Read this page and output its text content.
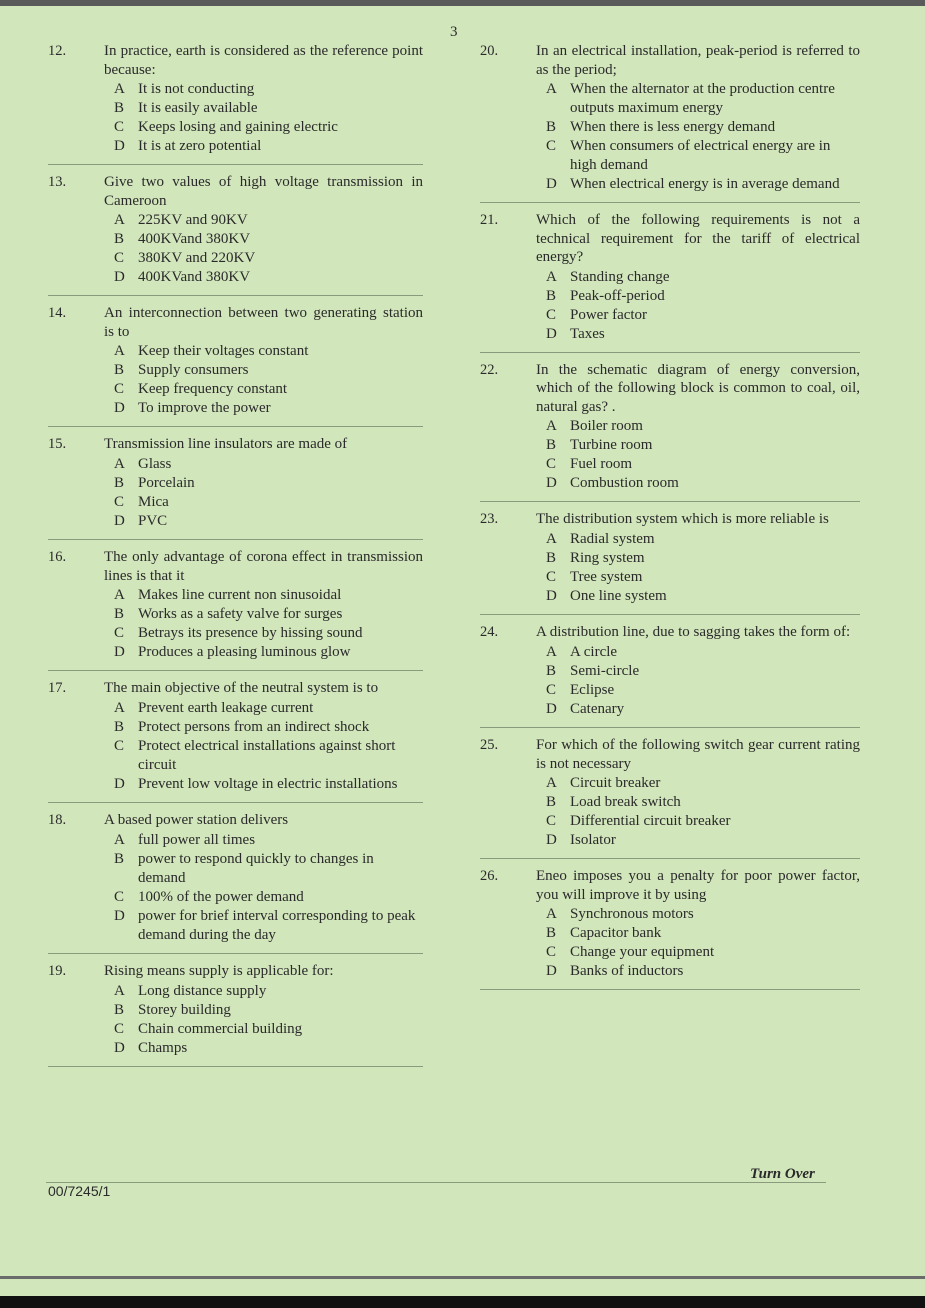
3
12.	In practice, earth is considered as the reference point because:
A It is not conducting
B It is easily available
C Keeps losing and gaining electric
D It is at zero potential
13.	Give two values of high voltage transmission in Cameroon
A 225KV and 90KV
B 400KVand 380KV
C 380KV and 220KV
D 400KVand 380KV
14.	An interconnection between two generating station is to
A Keep their voltages constant
B Supply consumers
C Keep frequency constant
D To improve the power
15.	Transmission line insulators are made of
A Glass
B Porcelain
C Mica
D PVC
16.	The only advantage of corona effect in transmission lines is that it
A Makes line current non sinusoidal
B Works as a safety valve for surges
C Betrays its presence by hissing sound
D Produces a pleasing luminous glow
17.	The main objective of the neutral system is to
A Prevent earth leakage current
B Protect persons from an indirect shock
C Protect electrical installations against short circuit
D Prevent low voltage in electric installations
18.	A based power station delivers
A full power all times
B power to respond quickly to changes in demand
C 100% of the power demand
D power for brief interval corresponding to peak demand during the day
19.	Rising means supply is applicable for:
A Long distance supply
B Storey building
C Chain commercial building
D Champs
20.	In an electrical installation, peak-period is referred to as the period;
A When the alternator at the production centre outputs maximum energy
B When there is less energy demand
C When consumers of electrical energy are in high demand
D When electrical energy is in average demand
21.	Which of the following requirements is not a technical requirement for the tariff of electrical energy?
A Standing change
B Peak-off-period
C Power factor
D Taxes
22.	In the schematic diagram of energy conversion, which of the following block is common to coal, oil, natural gas? .
A Boiler room
B Turbine room
C Fuel room
D Combustion room
23.	The distribution system which is more reliable is
A Radial system
B Ring system
C Tree system
D One line system
24.	A distribution line, due to sagging takes the form of:
A A circle
B Semi-circle
C Eclipse
D Catenary
25.	For which of the following switch gear current rating is not necessary
A Circuit breaker
B Load break switch
C Differential circuit breaker
D Isolator
26.	Eneo imposes you a penalty for poor power factor, you will improve it by using
A Synchronous motors
B Capacitor bank
C Change your equipment
D Banks of inductors
Turn Over
00/7245/1
